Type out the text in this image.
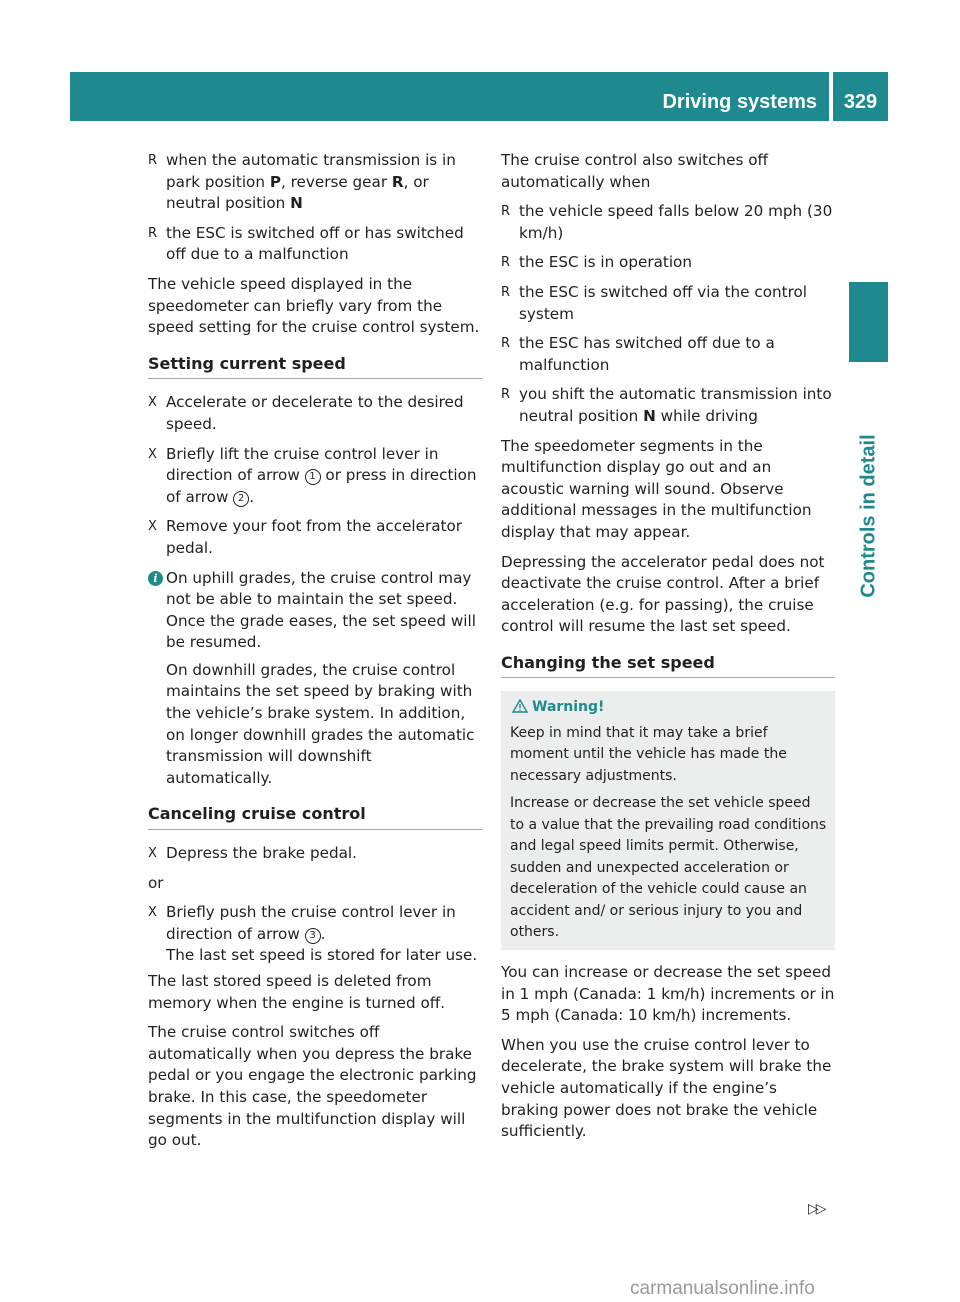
Driving systems	329
Controls in detail
R when the automatic transmission is in park position P, reverse gear R, or neutral position N
R the ESC is switched off or has switched off due to a malfunction

The vehicle speed displayed in the speedometer can briefly vary from the speed setting for the cruise control system.

Setting current speed
X Accelerate or decelerate to the desired speed.
X Briefly lift the cruise control lever in direction of arrow 1 or press in direction of arrow 2 .
X Remove your foot from the accelerator pedal.
i On uphill grades, the cruise control may not be able to maintain the set speed. Once the grade eases, the set speed will be resumed.
On downhill grades, the cruise control maintains the set speed by braking with the vehicle’s brake system. In addition, on longer downhill grades the automatic transmission will downshift automatically.
Canceling cruise control
X Depress the brake pedal.

or

X Briefly push the cruise control lever in direction of arrow 3 .
The last set speed is stored for later use.

The last stored speed is deleted from memory when the engine is turned off.

The cruise control switches off automatically when you depress the brake pedal or you engage the electronic parking brake. In this case, the speedometer segments in the multifunction display will go out.

The cruise control also switches off automatically when

R the vehicle speed falls below 20 mph (30 km/h)
R the ESC is in operation
R the ESC is switched off via the control system
R the ESC has switched off due to a malfunction
R you shift the automatic transmission into neutral position N while driving

The speedometer segments in the multifunction display go out and an acoustic warning will sound. Observe additional messages in the multifunction display that may appear.

Depressing the accelerator pedal does not deactivate the cruise control. After a brief acceleration (e.g. for passing), the cruise control will resume the last set speed.

Changing the set speed
Warning!

Keep in mind that it may take a brief moment until the vehicle has made the necessary adjustments.

Increase or decrease the set vehicle speed to a value that the prevailing road conditions and legal speed limits permit. Otherwise, sudden and unexpected acceleration or deceleration of the vehicle could cause an accident and/ or serious injury to you and others.

You can increase or decrease the set speed in 1 mph (Canada: 1 km/h) increments or in 5 mph (Canada: 10 km/h) increments.

When you use the cruise control lever to decelerate, the brake system will brake the vehicle automatically if the engine’s braking power does not brake the vehicle sufficiently.

▷▷
carmanualsonline.info
